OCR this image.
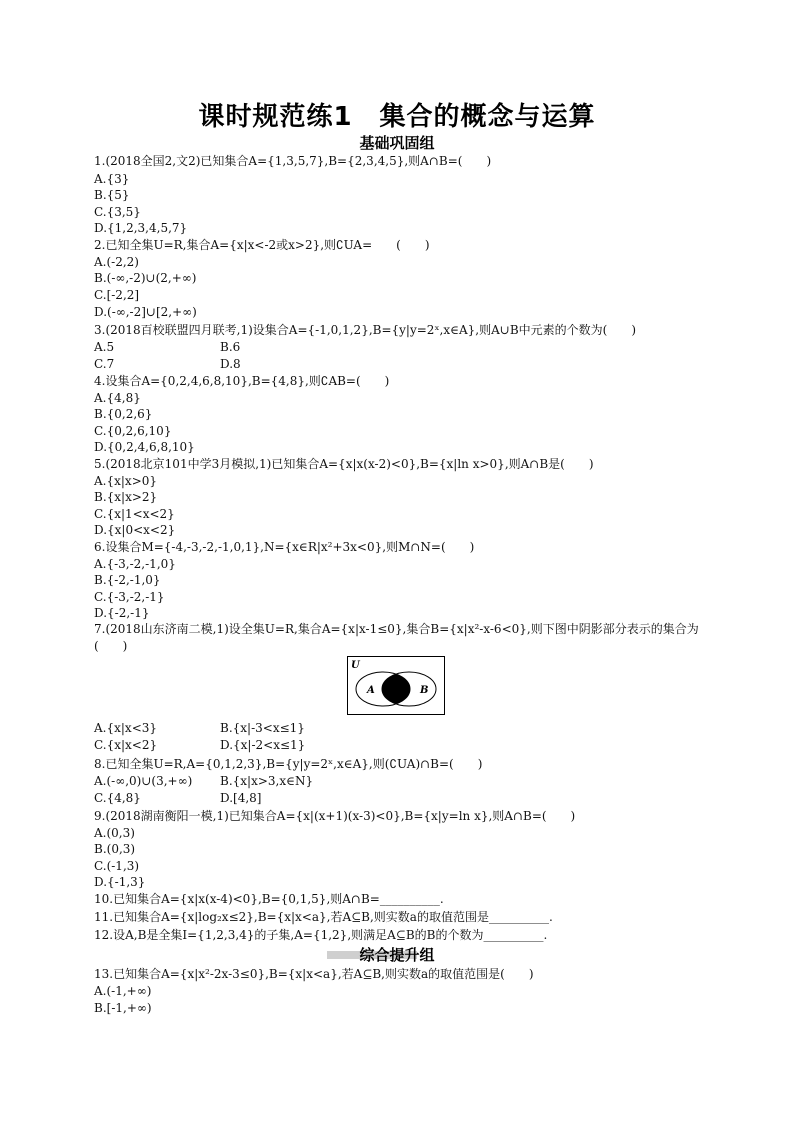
课时规范练1　集合的概念与运算
基础巩固组
1.(2018全国2,文2)已知集合A={1,3,5,7},B={2,3,4,5},则A∩B=(　　)
A.{3}
B.{5}
C.{3,5}
D.{1,2,3,4,5,7}
2.已知全集U=R,集合A={x|x<-2或x>2},则∁UA=　　(　　)
A.(-2,2)
B.(-∞,-2)∪(2,+∞)
C.[-2,2]
D.(-∞,-2]∪[2,+∞)
3.(2018百校联盟四月联考,1)设集合A={-1,0,1,2},B={y|y=2ˣ,x∈A},则A∪B中元素的个数为(　　)
A.5
C.7
4.设集合A={0,2,4,6,8,10},B={4,8},则∁AB=(　　)
A.{4,8}
B.{0,2,6}
C.{0,2,6,10}
D.{0,2,4,6,8,10}
5.(2018北京101中学3月模拟,1)已知集合A={x|x(x-2)<0},B={x|ln x>0},则A∩B是(　　)
A.{x|x>0}
B.{x|x>2}
C.{x|1<x<2}
D.{x|0<x<2}
6.设集合M={-4,-3,-2,-1,0,1},N={x∈R|x²+3x<0},则M∩N=(　　)
A.{-3,-2,-1,0}
B.{-2,-1,0}
C.{-3,-2,-1}
D.{-2,-1}
7.(2018山东济南二模,1)设全集U=R,集合A={x|x-1≤0},集合B={x|x²-x-6<0},则下图中阴影部分表示的集合为(　　)
A.{x|x<3}
C.{x|x<2}
8.已知全集U=R,A={0,1,2,3},B={y|y=2ˣ,x∈A},则(∁UA)∩B=(　　)
A.(-∞,0)∪(3,+∞)
C.{4,8}
9.(2018湖南衡阳一模,1)已知集合A={x|(x+1)(x-3)<0},B={x|y=ln x},则A∩B=(　　)
A.(0,3)
B.(0,3)
C.(-1,3)
D.{-1,3}
10.已知集合A={x|x(x-4)<0},B={0,1,5},则A∩B=__________.
11.已知集合A={x|log₂x≤2},B={x|x<a},若A⊆B,则实数a的取值范围是__________.
12.设A,B是全集I={1,2,3,4}的子集,A={1,2},则满足A⊆B的B的个数为__________.
13.已知集合A={x|x²-2x-3≤0},B={x|x<a},若A⊆B,则实数a的取值范围是(　　)
A.(-1,+∞)
B.[-1,+∞)
B.6
D.8
B.{x|-3<x≤1}
D.{x|-2<x≤1}
B.{x|x>3,x∈N}
D.[4,8]
U
A	B
综合提升组
